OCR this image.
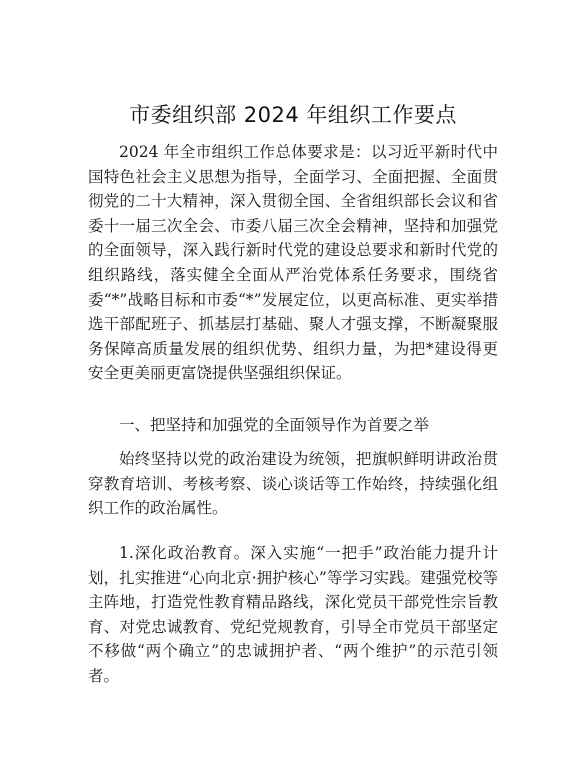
市委组织部 2024 年组织工作要点

2024 年全市组织工作总体要求是：以习近平新时代中国特色社会主义思想为指导，全面学习、全面把握、全面贯彻党的二十大精神，深入贯彻全国、全省组织部长会议和省委十一届三次全会、市委八届三次全会精神，坚持和加强党的全面领导，深入践行新时代党的建设总要求和新时代党的组织路线，落实健全全面从严治党体系任务要求，围绕省委“*”战略目标和市委“*”发展定位，以更高标准、更实举措选干部配班子、抓基层打基础、聚人才强支撑，不断凝聚服务保障高质量发展的组织优势、组织力量，为把*建设得更安全更美丽更富饶提供坚强组织保证。

一、把坚持和加强党的全面领导作为首要之举

始终坚持以党的政治建设为统领，把旗帜鲜明讲政治贯穿教育培训、考核考察、谈心谈话等工作始终，持续强化组织工作的政治属性。

1.深化政治教育。深入实施“一把手”政治能力提升计划，扎实推进“心向北京·拥护核心”等学习实践。建强党校等主阵地，打造党性教育精品路线，深化党员干部党性宗旨教育、对党忠诚教育、党纪党规教育，引导全市党员干部坚定不移做“两个确立”的忠诚拥护者、“两个维护”的示范引领者。
